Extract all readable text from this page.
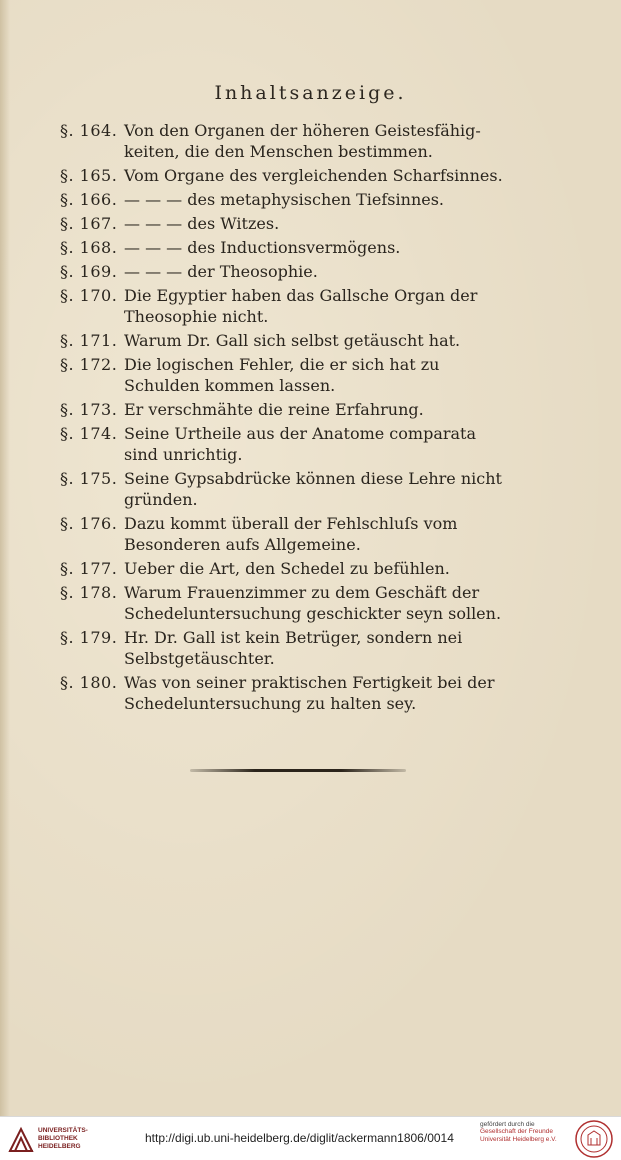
Inhaltsanzeige.
§. 164. Von den Organen der höheren Geistesfähig-
keiten, die den Menschen bestimmen.
§. 165. Vom Organe des vergleichenden Scharfsinnes.
§. 166. — — — des metaphysischen Tiefsinnes.
§. 167. — — — des Witzes.
§. 168. — — — des Inductionsvermögens.
§. 169. — — — der Theosophie.
§. 170. Die Egyptier haben das Gallsche Organ der
Theosophie nicht.
§. 171. Warum Dr. Gall sich selbst getäuscht hat.
§. 172. Die logischen Fehler, die er sich hat zu
Schulden kommen lassen.
§. 173. Er verschmähte die reine Erfahrung.
§. 174. Seine Urtheile aus der Anatome comparata
sind unrichtig.
§. 175. Seine Gypsabdrücke können diese Lehre nicht
gründen.
§. 176. Dazu kommt überall der Fehlschluſs vom
Besonderen aufs Allgemeine.
§. 177. Ueber die Art, den Schedel zu befühlen.
§. 178. Warum Frauenzimmer zu dem Geschäft der
Schedeluntersuchung geschickter seyn sollen.
§. 179. Hr. Dr. Gall ist kein Betrüger, sondern nei
Selbstgetäuschter.
§. 180. Was von seiner praktischen Fertigkeit bei der
Schedeluntersuchung zu halten sey.
UNIVERSITÄTS-
BIBLIOTHEK
HEIDELBERG
http://digi.ub.uni-heidelberg.de/diglit/ackermann1806/0014
gefördert durch die
Gesellschaft der Freunde
Universität Heidelberg e.V.
